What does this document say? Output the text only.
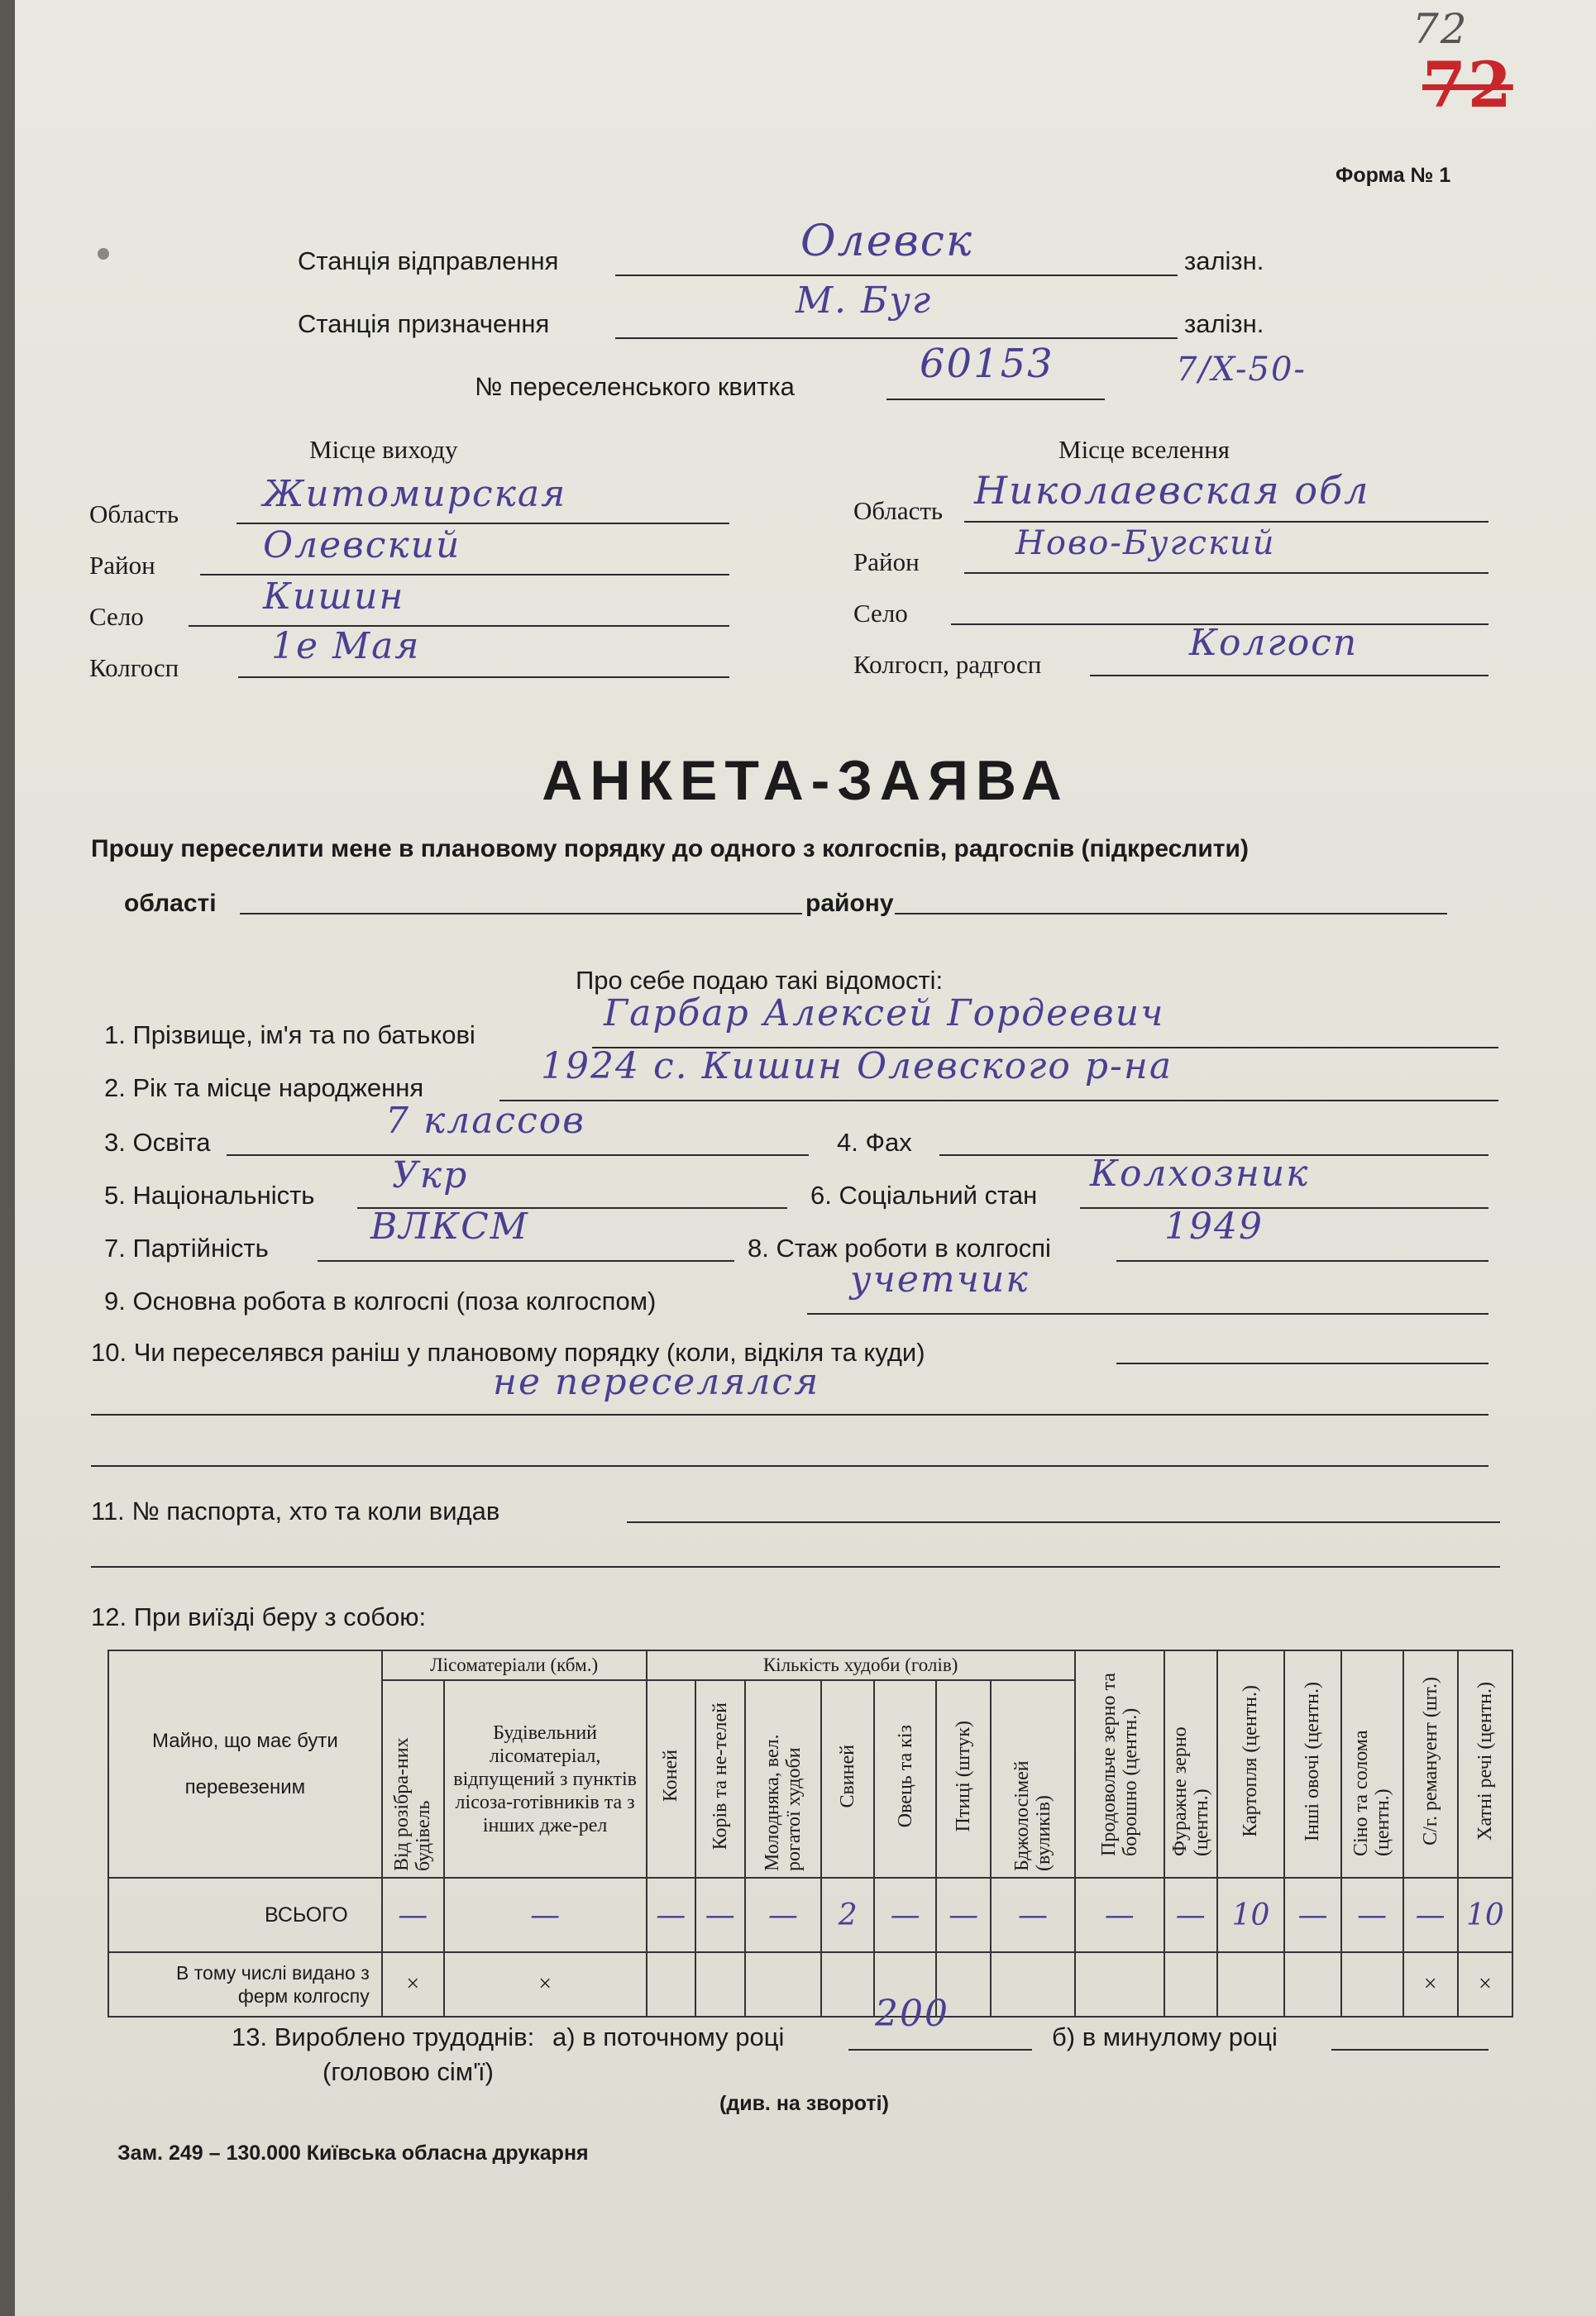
72
72
Форма № 1
Станція відправлення	Олевск	залізн.
Станція призначення
М. Буг
залізн.
№ переселенського квитка	60153	7/X-50-
Місце виходу	Місце вселення
Область Житомирская
Район	Олевский
Село	Кишин
Колгосп
1е Мая
Область Николаевская обл
Район	Ново-Бугский
Село
Колгосп, радгосп
Колгосп
АНКЕТА-ЗАЯВА
Прошу переселити мене в плановому порядку до одного з колгоспів, радгоспів (підкреслити)
області	району
Про себе подаю такі відомості:
1. Прізвище, ім'я та по батькові
Гарбар Алексей Гордеевич
2. Рік та місце народження
1924 с. Кишин Олевского р-на
3. Освіта
7 классов
4. Фах
5. Національність Укр	6. Соціальний стан
Колхозник
7. Партійність
ВЛКСМ
8. Стаж роботи в колгоспі
1949
9. Основна робота в колгоспі (поза колгоспом)
учетчик
10. Чи переселявся раніш у плановому порядку (коли, відкіля та куди)
не переселялся
11. № паспорта, хто та коли видав
12. При виїзді беру з собою:
Майно, що має бути перевезеним	Лісоматеріали (кбм.)		Кількість худоби (голів)							Продовольче зерно та борошно (центн.)	Фуражне зерно (центн.)	Картопля (центн.)	Інші овочі (центн.)	Сіно та солома (центн.)	С/г. ремануент (шт.)	Хатні речі (центн.)
	Від розібра-них будівель	Будівельний лісоматеріал, відпущений з пунктів лісоза-готівників та з інших дже-рел	Коней	Корів та не-телей	Молодняка, вел. рогатої худоби	Свиней	Овець та кіз	Птиці (штук)	Бджолосімей (вуликів)							
ВСЬОГО	—	—	—	—	—	2	—	—	—	—	—	10	—	—	—	10
В тому числі видано з ферм колгоспу	×	×													×	×
13. Вироблено трудоднів: а) в поточному році
200
б) в минулому році
(головою сім'ї)
(див. на звороті)
Зам. 249 – 130.000 Київська обласна друкарня
